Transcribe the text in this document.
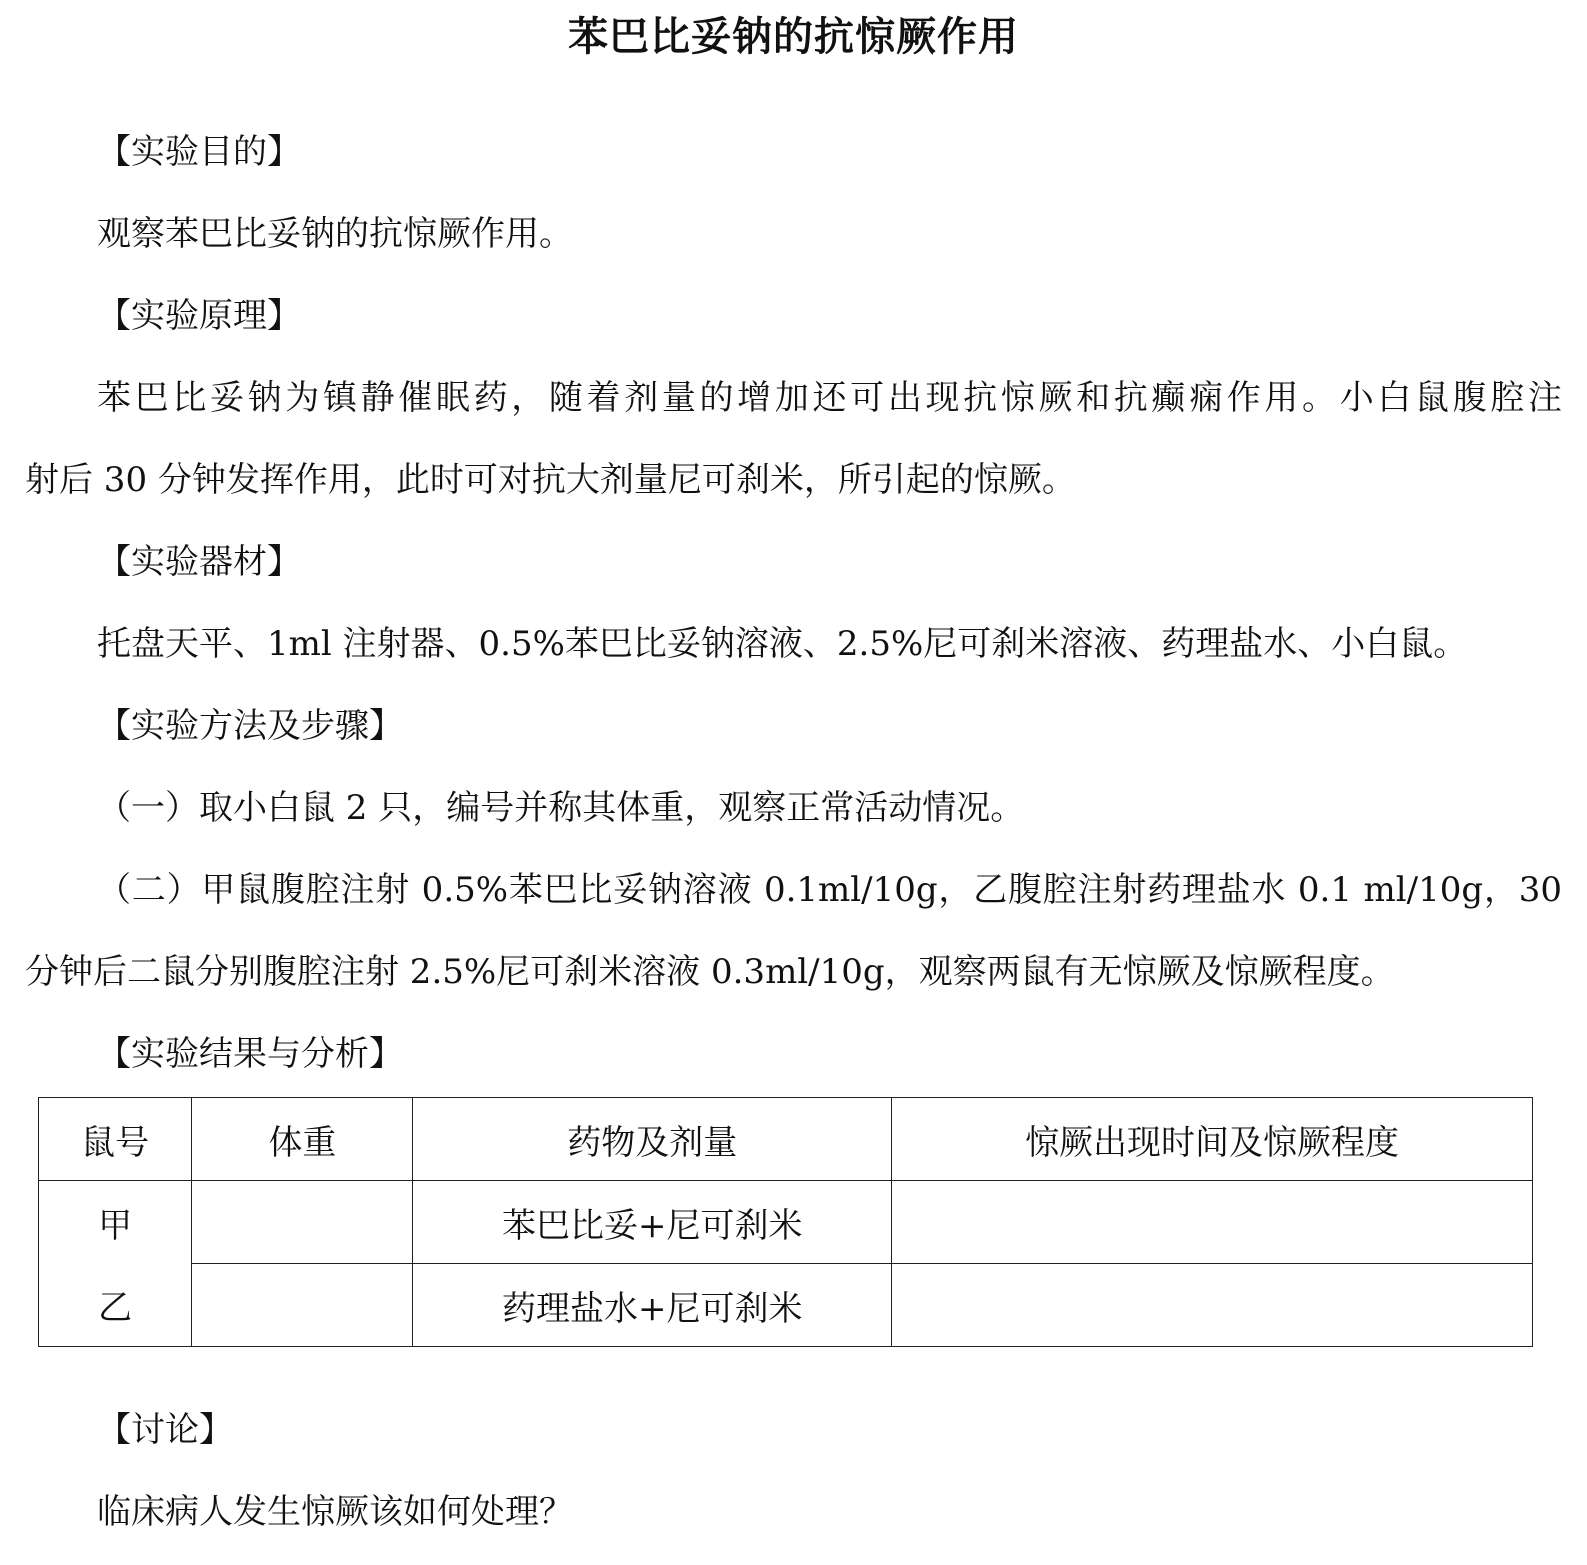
苯巴比妥钠的抗惊厥作用
【实验目的】
观察苯巴比妥钠的抗惊厥作用。
【实验原理】
苯巴比妥钠为镇静催眠药，随着剂量的增加还可出现抗惊厥和抗癫痫作用。小白鼠腹腔注
射后 30 分钟发挥作用，此时可对抗大剂量尼可刹米，所引起的惊厥。
【实验器材】
托盘天平、1ml 注射器、0.5%苯巴比妥钠溶液、2.5%尼可刹米溶液、药理盐水、小白鼠。
【实验方法及步骤】
（一）取小白鼠 2 只，编号并称其体重，观察正常活动情况。
（二）甲鼠腹腔注射 0.5%苯巴比妥钠溶液 0.1ml/10g，乙腹腔注射药理盐水 0.1 ml/10g，30
分钟后二鼠分别腹腔注射 2.5%尼可刹米溶液 0.3ml/10g，观察两鼠有无惊厥及惊厥程度。
【实验结果与分析】
鼠号	体重	药物及剂量	惊厥出现时间及惊厥程度
甲		苯巴比妥+尼可刹米	
乙		药理盐水+尼可刹米	
【讨论】
临床病人发生惊厥该如何处理？
